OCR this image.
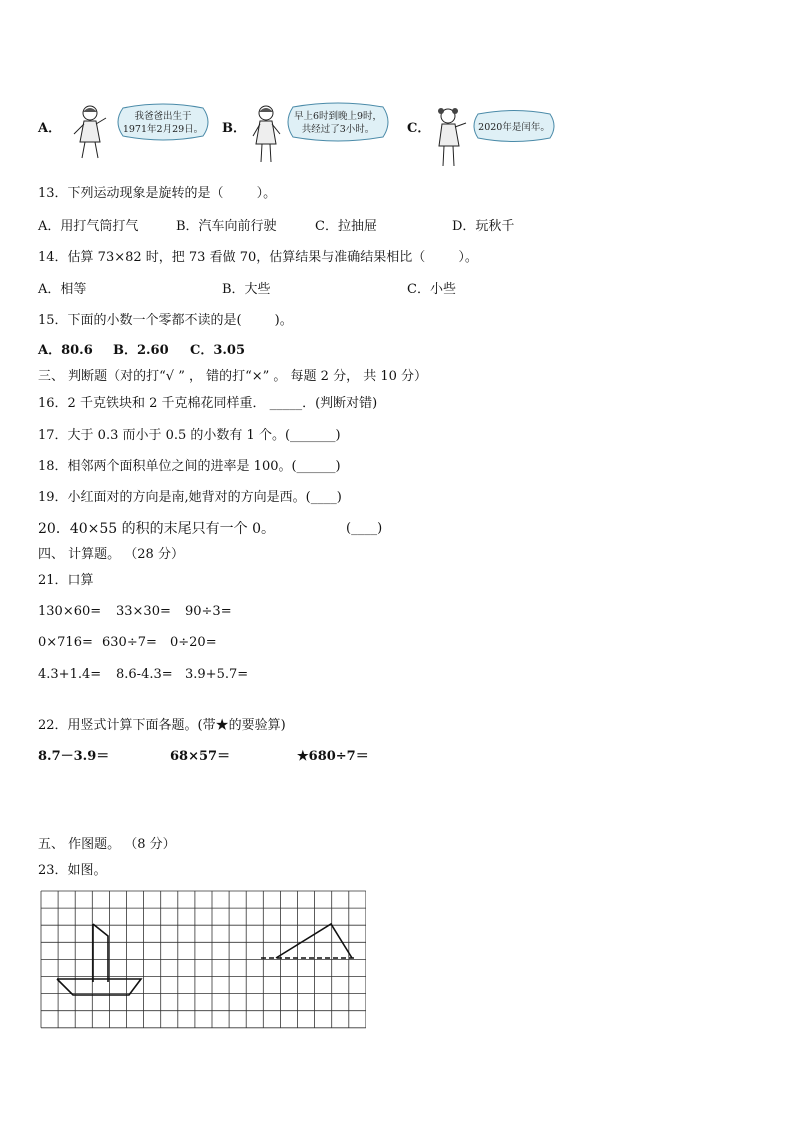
A．
我爸爸出生于
1971年2月29日。 B．
早上6时到晚上9时，
共经过了3小时。	C．	2020年是闰年。
13．下列运动现象是旋转的是（        ）。
A．用打气筒打气	B．汽车向前行驶	C．拉抽屉	D．玩秋千
14．估算 73×82 时，把 73 看做 70，估算结果与准确结果相比（        ）。
A．相等	B．大些	C．小些
15．下面的小数一个零都不读的是(        )。
A．80.6 B．2.60 C．3.05
三、 判断题（对的打“√ ” ， 错的打“×” 。 每题 2 分， 共 10 分）
16．2 千克铁块和 2 千克棉花同样重． _____．(判断对错)
17．大于 0.3 而小于 0.5 的小数有 1 个。(_______)
18．相邻两个面积单位之间的进率是 100。(______)
19．小红面对的方向是南,她背对的方向是西。(____)
20．40×55 的积的末尾只有一个 0。	(____)
四、 计算题。 （28 分）
21．口算
130×60= 33×30= 90÷3=
0×716= 630÷7= 0÷20=
4.3+1.4= 8.6-4.3= 3.9+5.7=
22．用竖式计算下面各题。(带★的要验算)
8.7－3.9＝	68×57＝	★680÷7＝
五、 作图题。 （8 分）
23．如图。
